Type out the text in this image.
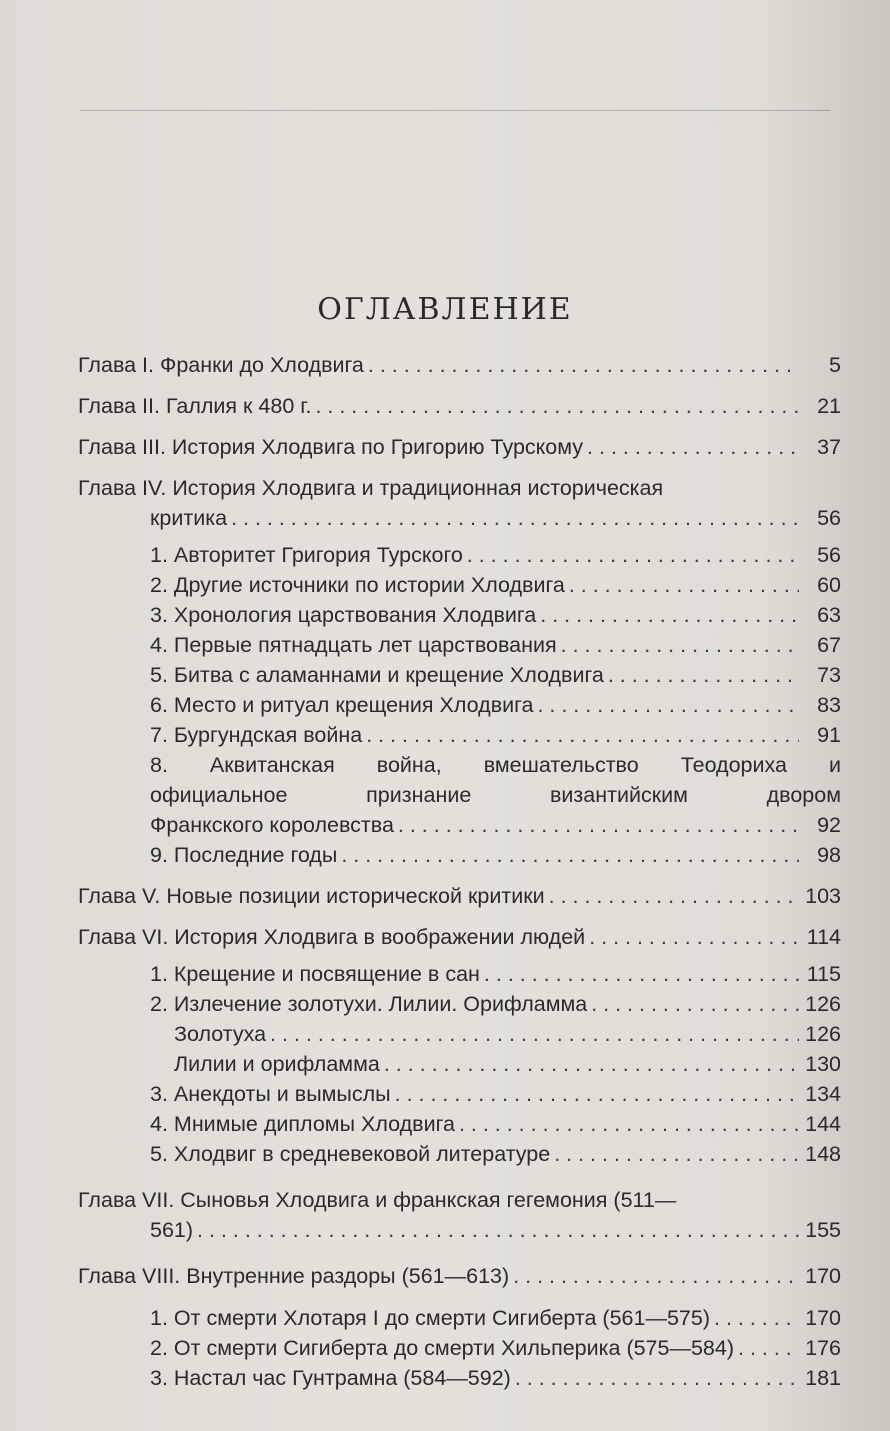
ОГЛАВЛЕНИЕ
Глава I. Франки до Хлодвига . . .	5
Глава II. Галлия к 480 г. . . .	21
Глава III. История Хлодвига по Григорию Турскому . . .	37
Глава IV. История Хлодвига и традиционная историческая
критика . . .	56
1. Авторитет Григория Турского . . .	56
2. Другие источники по истории Хлодвига . . .	60
3. Хронология царствования Хлодвига . . .	63
4. Первые пятнадцать лет царствования . . .	67
5. Битва с аламаннами и крещение Хлодвига . . .	73
6. Место и ритуал крещения Хлодвига . . .	83
7. Бургундская война . . .	91
8. Аквитанская война, вмешательство Теодориха и
официальное признание византийским двором
Франкского королевства . . .	92
9. Последние годы . . .	98
Глава V. Новые позиции исторической критики . . .	103
Глава VI. История Хлодвига в воображении людей . . .	114
1. Крещение и посвящение в сан . . .	115
2. Излечение золотухи. Лилии. Орифламма . . .	126
Золотуха . . .	126
Лилии и орифламма . . .	130
3. Анекдоты и вымыслы . . .	134
4. Мнимые дипломы Хлодвига . . .	144
5. Хлодвиг в средневековой литературе . . .	148
Глава VII. Сыновья Хлодвига и франкская гегемония (511—
561) . . .	155
Глава VIII. Внутренние раздоры (561—613) . . .	170
1. От смерти Хлотаря I до смерти Сигиберта (561—575) . . .	170
2. От смерти Сигиберта до смерти Хильперика (575—584) . . .	176
3. Настал час Гунтрамна (584—592) . . .	181
